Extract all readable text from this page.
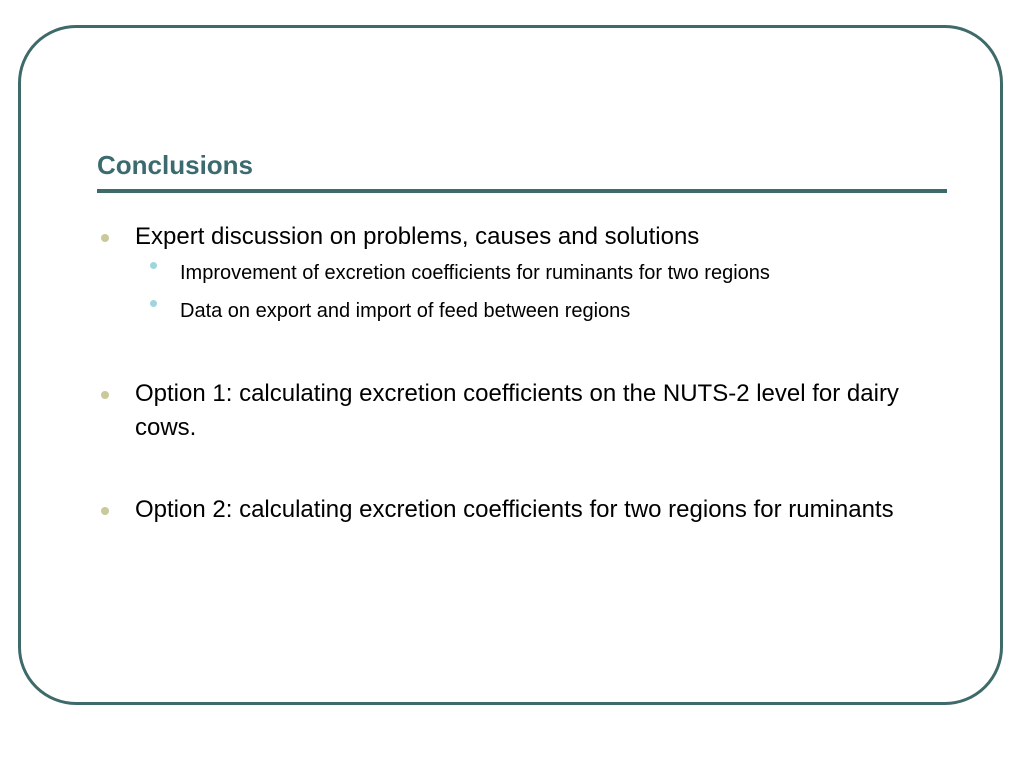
Conclusions
Expert discussion on problems, causes and solutions
Improvement of excretion coefficients for ruminants for two regions
Data on export and import of feed between regions
Option 1: calculating excretion coefficients on the NUTS-2 level for dairy cows.
Option 2: calculating excretion coefficients for two regions for ruminants
